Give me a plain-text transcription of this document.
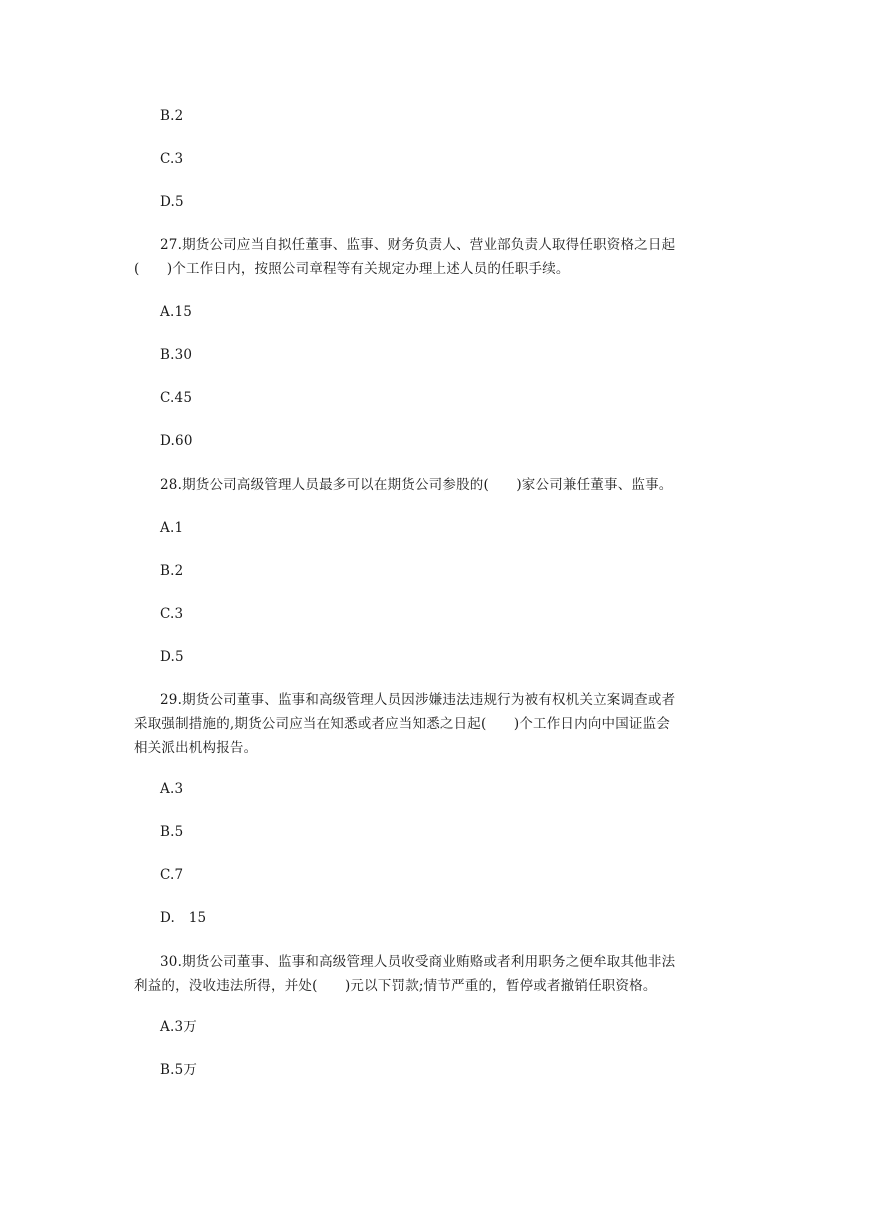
B.2
C.3
D.5
27.期货公司应当自拟任董事、监事、财务负责人、营业部负责人取得任职资格之日起
(　　)个工作日内，按照公司章程等有关规定办理上述人员的任职手续。
A.15
B.30
C.45
D.60
28.期货公司高级管理人员最多可以在期货公司参股的(　　)家公司兼任董事、监事。
A.1
B.2
C.3
D.5
29.期货公司董事、监事和高级管理人员因涉嫌违法违规行为被有权机关立案调查或者
采取强制措施的,期货公司应当在知悉或者应当知悉之日起(　　)个工作日内向中国证监会
相关派出机构报告。
A.3
B.5
C.7
D.　15
30.期货公司董事、监事和高级管理人员收受商业贿赂或者利用职务之便牟取其他非法
利益的，没收违法所得，并处(　　)元以下罚款;情节严重的，暂停或者撤销任职资格。
A.3万
B.5万
